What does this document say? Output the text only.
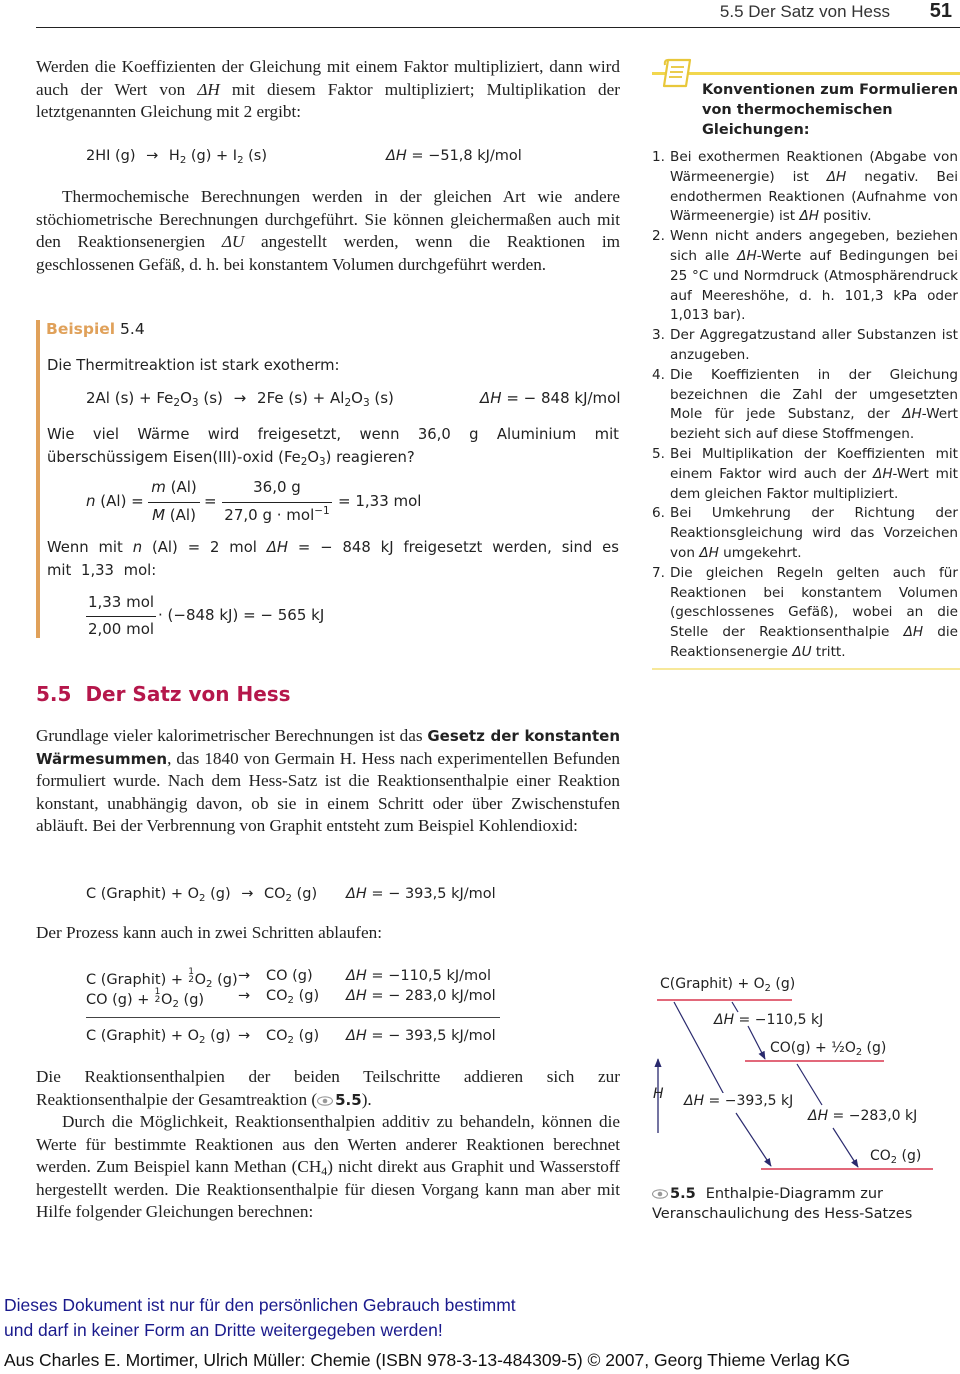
5.5 Der Satz von Hess 51

Werden die Koeffizienten der Gleichung mit einem Faktor multipliziert, dann wird auch der Wert von ΔH mit diesem Faktor multipliziert; Multiplikation der letztgenannten Gleichung mit 2 ergibt:

2HI $(g) \to H_2$ $(g) + I_2$ (s)	ΔH = −51,8 kJ/mol

Thermochemische Berechnungen werden in der gleichen Art wie andere stöchiometrische Berechnungen durchgeführt. Sie können gleichermaßen auch mit den Reaktionsenergien ΔU angestellt werden, wenn die Reaktionen im geschlossenen Gefäß, d. h. bei konstantem Volumen durchgeführt werden.

Beispiel 5.4
Die Thermitreaktion ist stark exotherm:
2Al $(s) + Fe_2O_3$ (s) → 2Fe $(s) + Al_2O_3$ (s)	ΔH = − 848 kJ/mol

Wie viel Wärme wird freigesetzt, wenn 36,0 g Aluminium mit überschüssigem Eisen(III)-oxid $(Fe_2O_3)$ reagieren?

n (Al) =
m (Al)
M (Al)
=
36,0 g
27,0 g · mol$^{-1}$
= 1,33 mol

Wenn mit n (Al) = 2 mol ΔH = − 848 kJ freigesetzt werden, sind es mit 1,33 mol:

1,33 mol
2,00 mol
· (−848 kJ) = − 565 kJ
5.5 Der Satz von Hess

Grundlage vieler kalorimetrischer Berechnungen ist das Gesetz der konstanten Wärmesummen, das 1840 von Germain H. Hess nach experimentellen Befunden formuliert wurde. Nach dem Hess-Satz ist die Reaktionsenthalpie einer Reaktion konstant, unabhängig davon, ob sie in einem Schritt oder über Zwischenstufen abläuft. Bei der Verbrennung von Graphit entsteht zum Beispiel Kohlendioxid:

C (Graphit) + $O_2$ $(g) \to CO_2$ (g) ΔH = − 393,5 kJ/mol
Der Prozess kann auch in zwei Schritten ablaufen:
C (Graphit) + 1
2 $O_2$ (g) → CO (g) ΔH = −110,5 kJ/mol
CO (g) + 1
2 $O_2$ $(g) \to CO_2$ (g) ΔH = − 283,0 kJ/mol
C (Graphit) + $O_2$ $(g) \to CO_2$ (g) ΔH = − 393,5 kJ/mol

Die Reaktionsenthalpien der beiden Teilschritte addieren sich zur Reaktionsenthalpie der Gesamtreaktion ( 5.5).

Durch die Möglichkeit, Reaktionsenthalpien additiv zu behandeln, können die Werte für bestimmte Reaktionen aus den Werten anderer Reaktionen berechnet werden. Zum Beispiel kann Methan $(CH_4)$ nicht direkt aus Graphit und Wasserstoff hergestellt werden. Die Reaktionsenthalpie für diesen Vorgang kann man aber mit Hilfe folgender Gleichungen berechnen:

Konventionen zum Formulieren
von thermochemischen
Gleichungen:
1. Bei exothermen Reaktionen (Abgabe von Wärmeenergie) ist ΔH negativ. Bei endothermen Reaktionen (Aufnahme von Wärmeenergie) ist ΔH positiv.
2. Wenn nicht anders angegeben, beziehen sich alle ΔH-Werte auf Bedingungen bei 25 °C und Normdruck (Atmosphärendruck auf Meereshöhe, d. h. 101,3 kPa oder 1,013 bar).
3. Der Aggregatzustand aller Substanzen ist anzugeben.
4. Die Koeffizienten in der Gleichung bezeichnen die Zahl der umgesetzten Mole für jede Substanz, der ΔH-Wert bezieht sich auf diese Stoffmengen.
5. Bei Multiplikation der Koeffizienten mit einem Faktor wird auch der ΔH-Wert mit dem gleichen Faktor multipliziert.
6. Bei Umkehrung der Richtung der Reaktionsgleichung wird das Vorzeichen von ΔH umgekehrt.
7. Die gleichen Regeln gelten auch für Reaktionen bei konstantem Volumen (geschlossenes Gefäß), wobei an die Stelle der Reaktionsenthalpie ΔH die Reaktionsenergie ΔU tritt.
C(Graphit) + $O_2$ (g)
ΔH = −110,5 kJ
$CO(g) + \frac{1}{2}O_2$ (g)
H ΔH = −393,5 kJ
ΔH = −283,0 kJ
$CO_2$ (g)
5.5 Enthalpie-Diagramm zur
Veranschaulichung des Hess-Satzes
Dieses Dokument ist nur für den persönlichen Gebrauch bestimmt
und darf in keiner Form an Dritte weitergegeben werden!
Aus Charles E. Mortimer, Ulrich Müller: Chemie (ISBN 978-3-13-484309-5) © 2007, Georg Thieme Verlag KG
